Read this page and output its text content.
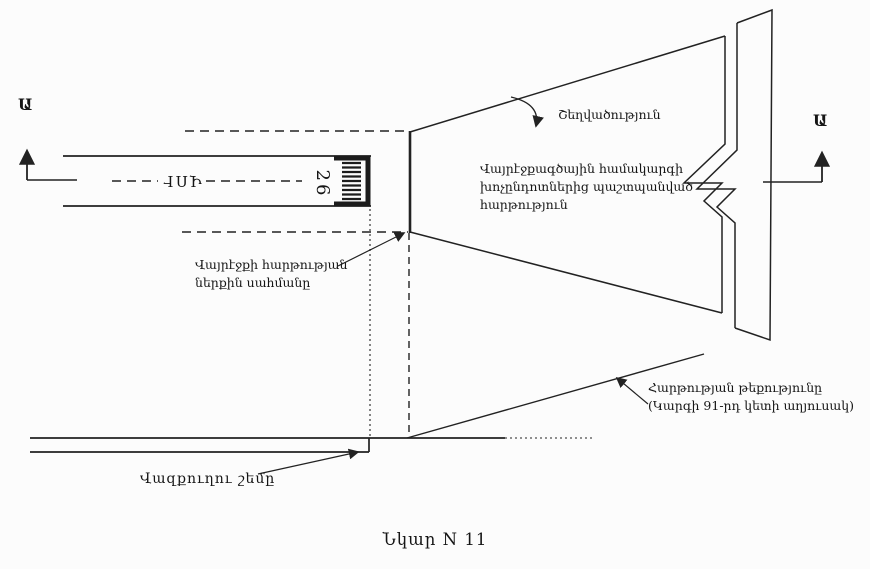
Ա
Ա
ՎՈՒ	26
Շեղվածություն
Վայրէջքագծային համակարգի
խոչընդոտներից պաշտպանված
հարթություն
Վայրէջքի հարթության
ներքին սահմանը
Վազքուղու շեմը
Հարթության թեքությունը
(Կարգի 91-րդ կետի աղյուսակ)
Նկար N 11
